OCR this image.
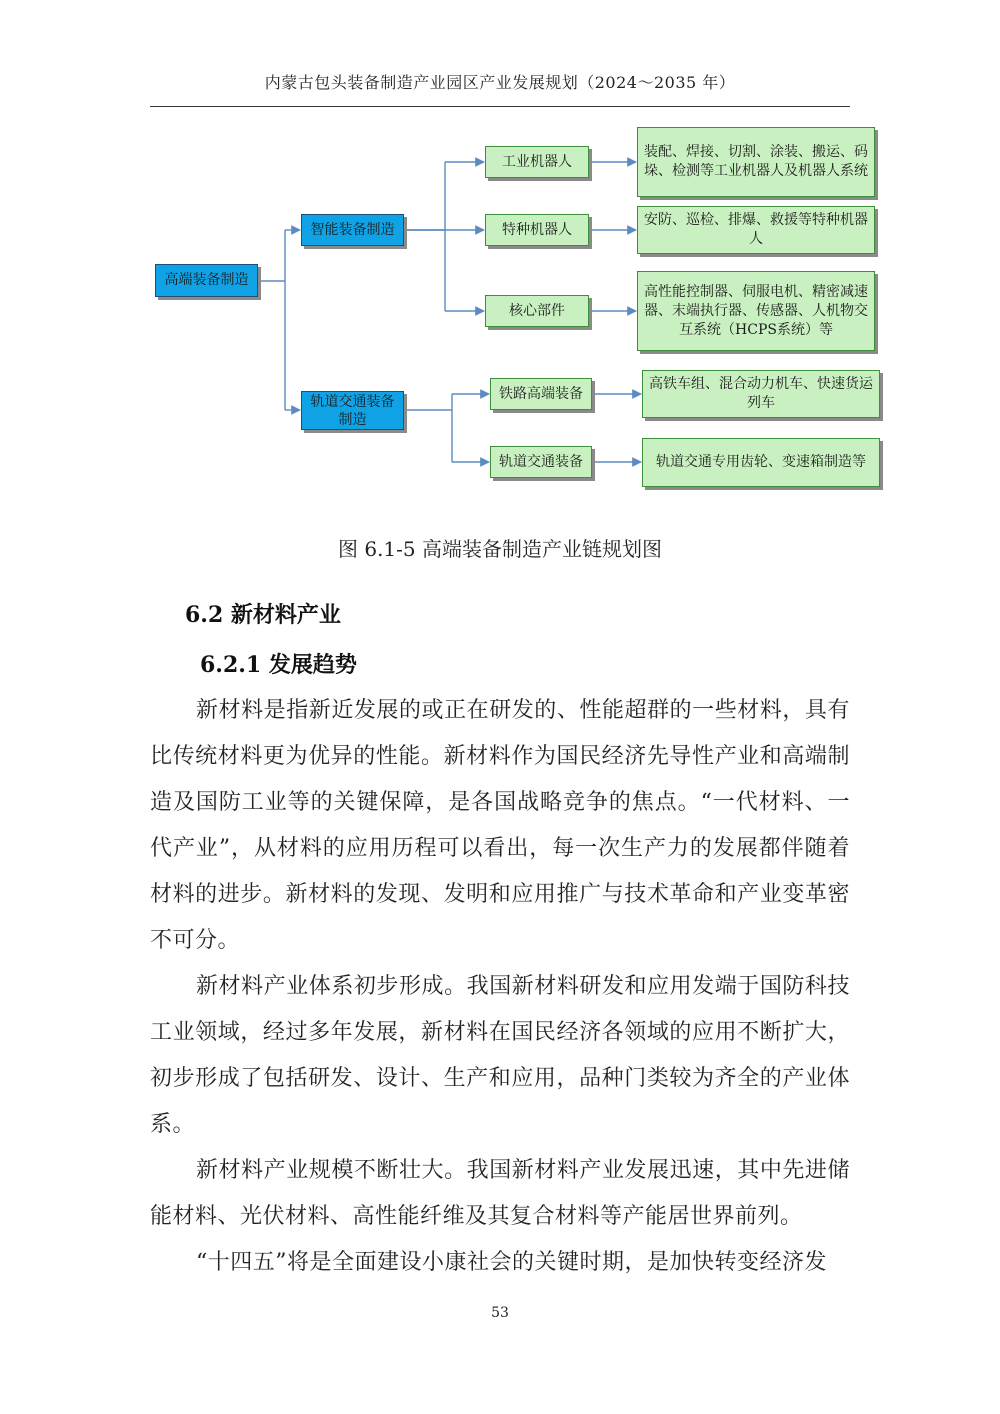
内蒙古包头装备制造产业园区产业发展规划（2024～2035 年）
高端装备制造
智能装备制造
轨道交通装备制造
工业机器人
特种机器人
核心部件
铁路高端装备
轨道交通装备
装配、焊接、切割、涂装、搬运、码垛、检测等工业机器人及机器人系统
安防、巡检、排爆、救援等特种机器人
高性能控制器、伺服电机、精密减速器、末端执行器、传感器、人机物交互系统（HCPS系统）等
高铁车组、混合动力机车、快速货运列车
轨道交通专用齿轮、变速箱制造等
图 6.1-5 高端装备制造产业链规划图
6.2 新材料产业
6.2.1 发展趋势

新材料是指新近发展的或正在研发的、性能超群的一些材料，具有比传统材料更为优异的性能。新材料作为国民经济先导性产业和高端制造及国防工业等的关键保障，是各国战略竞争的焦点。“一代材料、一代产业”，从材料的应用历程可以看出，每一次生产力的发展都伴随着材料的进步。新材料的发现、发明和应用推广与技术革命和产业变革密不可分。

新材料产业体系初步形成。我国新材料研发和应用发端于国防科技工业领域，经过多年发展，新材料在国民经济各领域的应用不断扩大，初步形成了包括研发、设计、生产和应用，品种门类较为齐全的产业体系。

新材料产业规模不断壮大。我国新材料产业发展迅速，其中先进储能材料、光伏材料、高性能纤维及其复合材料等产能居世界前列。

“十四五”将是全面建设小康社会的关键时期，是加快转变经济发

53
